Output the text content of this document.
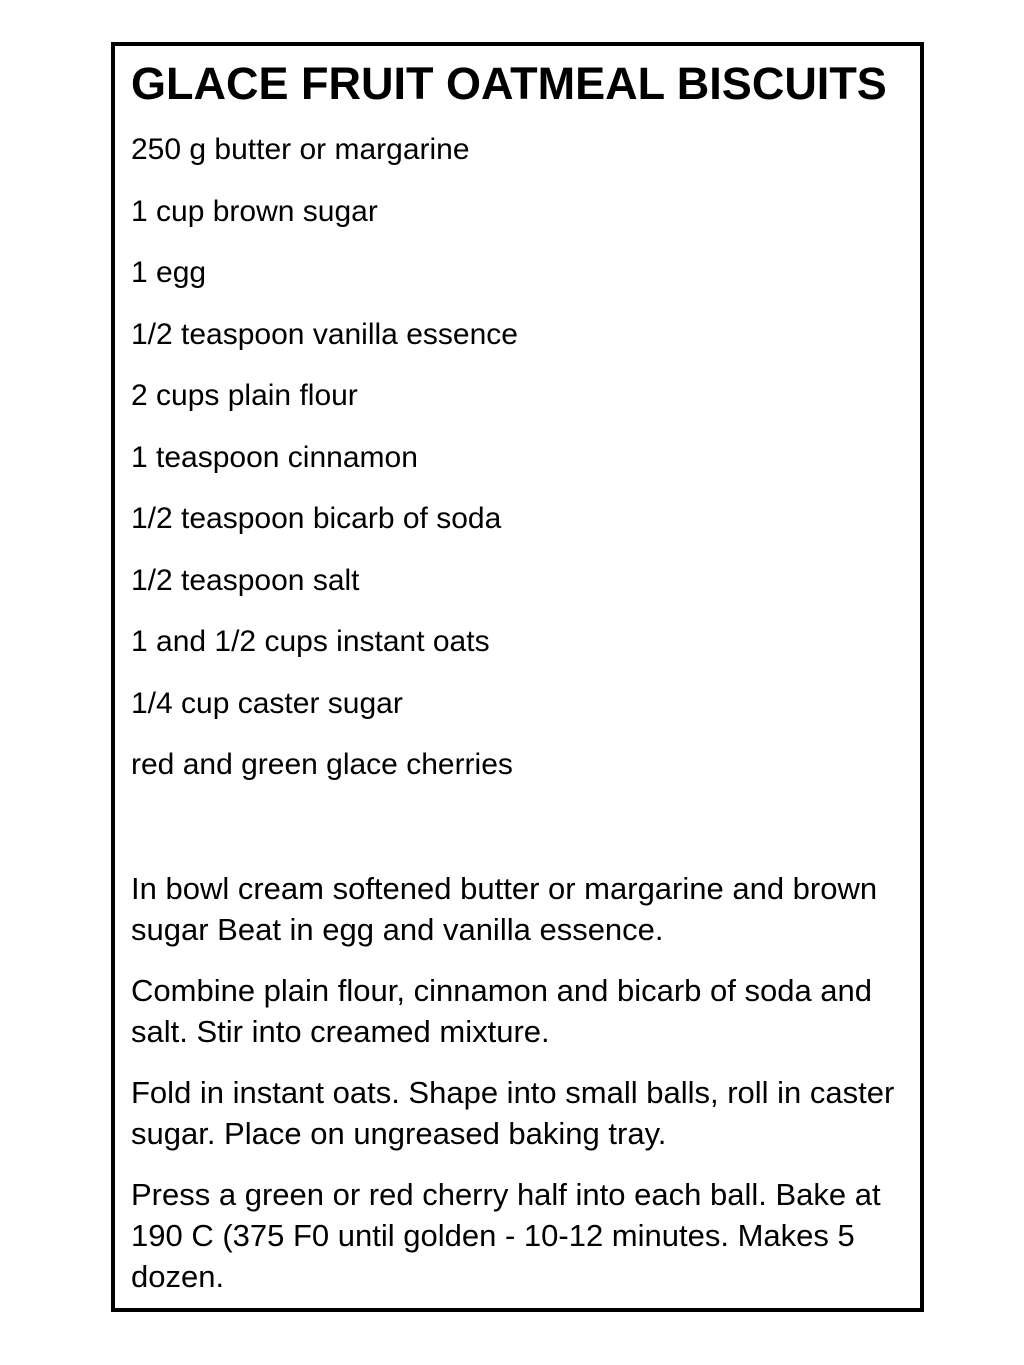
GLACE FRUIT OATMEAL BISCUITS
250 g butter or margarine
1 cup brown sugar
1 egg
1/2 teaspoon vanilla essence
2 cups plain flour
1 teaspoon cinnamon
1/2 teaspoon bicarb of soda
1/2 teaspoon salt
1 and 1/2 cups instant oats
1/4 cup caster sugar
red and green glace cherries

In bowl cream softened butter or margarine and brown sugar Beat in egg and vanilla essence.

Combine plain flour, cinnamon and bicarb of soda and salt. Stir into creamed mixture.

Fold in instant oats. Shape into small balls, roll in caster sugar. Place on ungreased baking tray.

Press a green or red cherry half into each ball. Bake at 190 C (375 F0 until golden - 10-12 minutes. Makes 5 dozen.
